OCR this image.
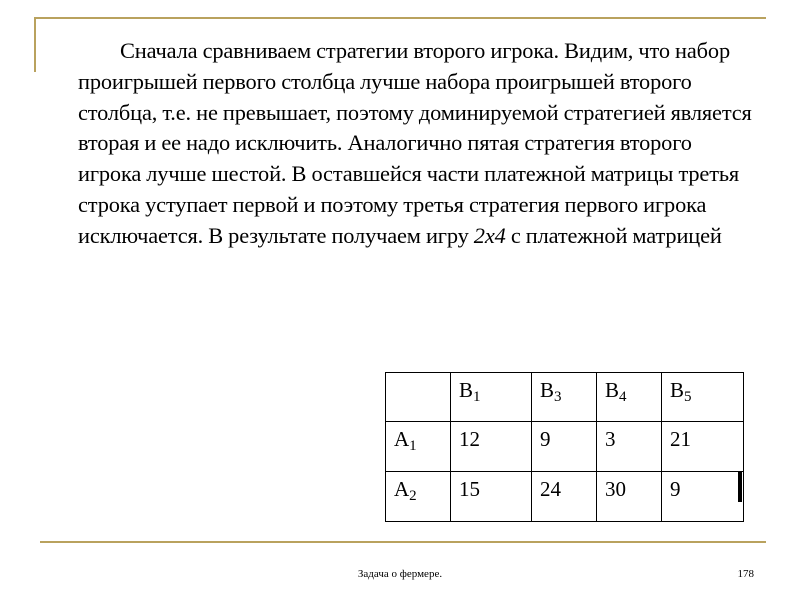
Сначала сравниваем стратегии второго игрока. Видим, что набор проигрышей первого столбца лучше набора проигрышей второго столбца, т.е. не превышает, поэтому доминируемой стратегией является вторая и ее надо исключить. Аналогично пятая стратегия второго игрока лучше шестой. В оставшейся части платежной матрицы третья строка уступает первой и поэтому третья стратегия первого игрока исключается. В результате получаем игру 2х4 с платежной матрицей

	$B_1$	$B_3$	$B_4$	$B_5$
$A_1$	12	9	3	21
$A_2$	15	24	30	9
Задача о фермере.	178
